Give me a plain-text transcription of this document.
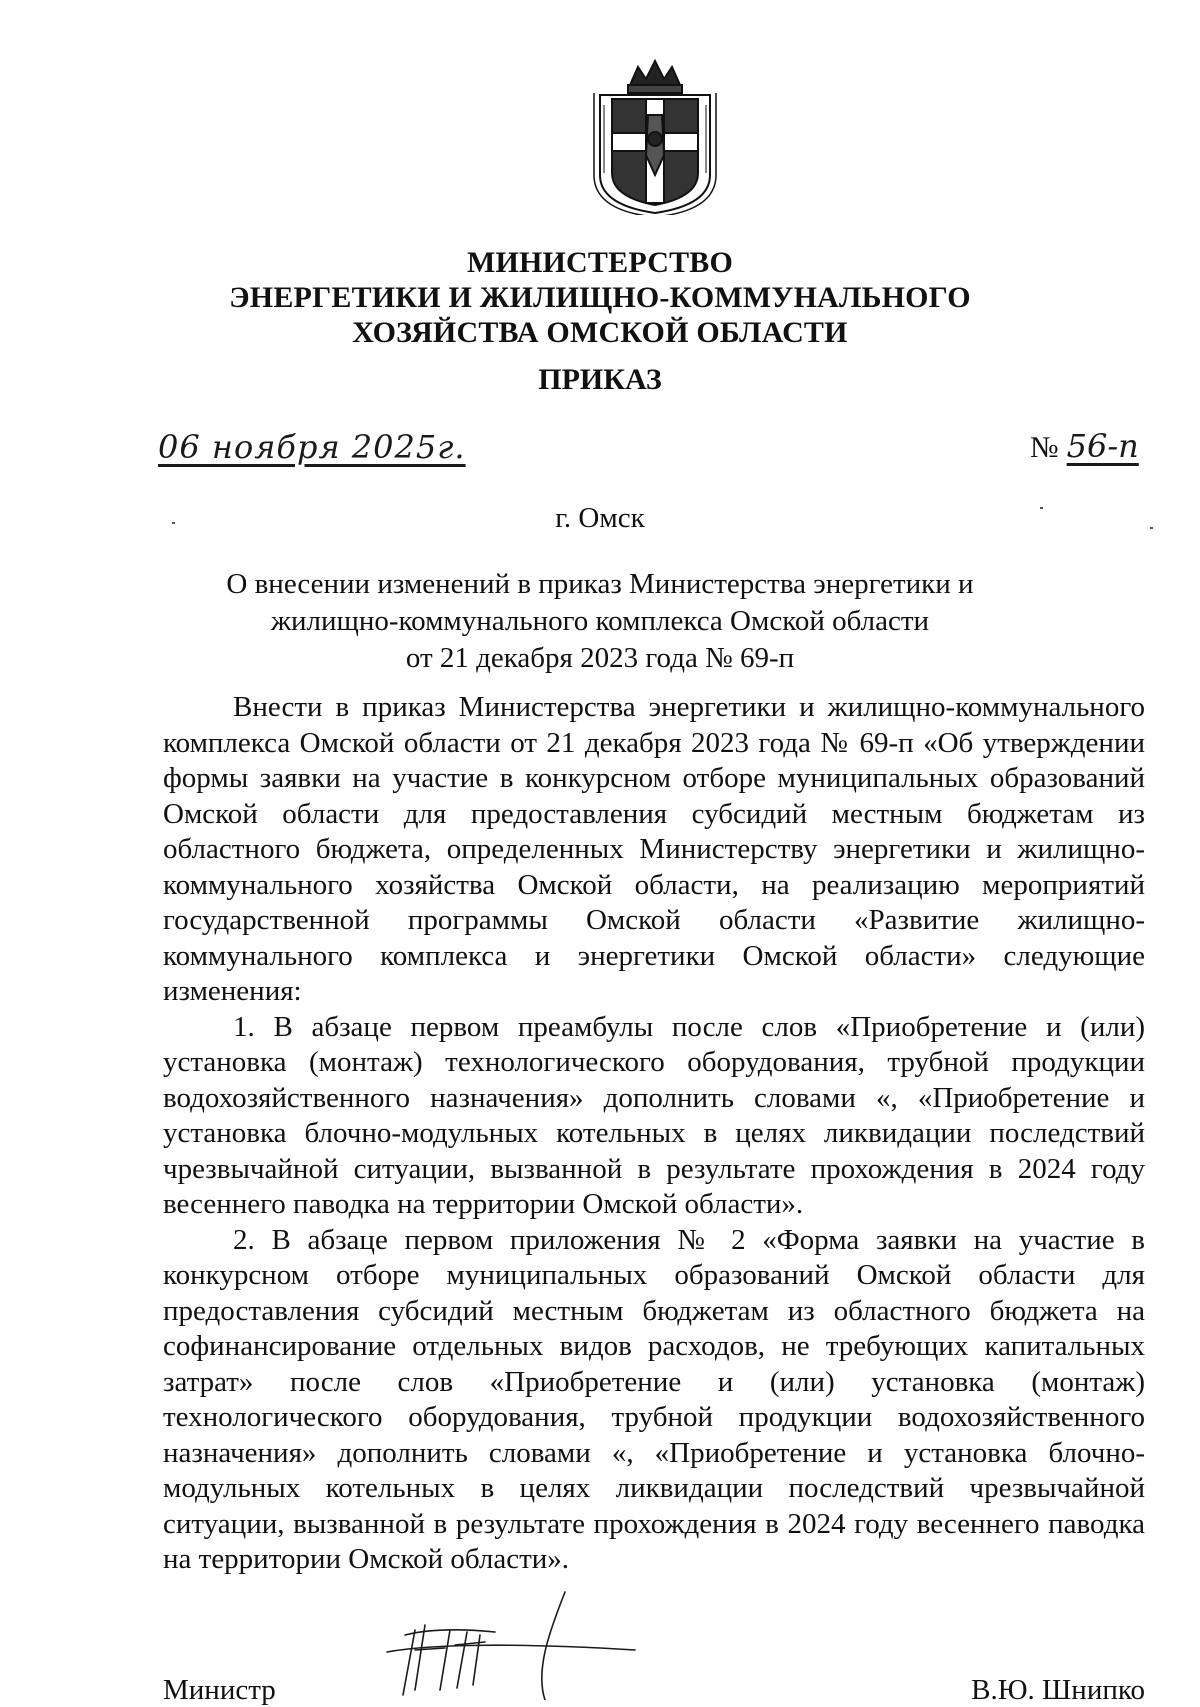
МИНИСТЕРСТВО
ЭНЕРГЕТИКИ И ЖИЛИЩНО-КОММУНАЛЬНОГО
ХОЗЯЙСТВА ОМСКОЙ ОБЛАСТИ
ПРИКАЗ
06 ноября 2025г.	№ 56-п
г. Омск
О внесении изменений в приказ Министерства энергетики и
жилищно-коммунального комплекса Омской области
от 21 декабря 2023 года № 69-п

Внести в приказ Министерства энергетики и жилищно-коммунального комплекса Омской области от 21 декабря 2023 года № 69-п «Об утверждении формы заявки на участие в конкурсном отборе муниципальных образований Омской области для предоставления субсидий местным бюджетам из областного бюджета, определенных Министерству энергетики и жилищно-коммунального хозяйства Омской области, на реализацию мероприятий государственной программы Омской области «Развитие жилищно-коммунального комплекса и энергетики Омской области» следующие изменения:

1. В абзаце первом преамбулы после слов «Приобретение и (или) установка (монтаж) технологического оборудования, трубной продукции водохозяйственного назначения» дополнить словами «, «Приобретение и установка блочно-модульных котельных в целях ликвидации последствий чрезвычайной ситуации, вызванной в результате прохождения в 2024 году весеннего паводка на территории Омской области».

2. В абзаце первом приложения № 2 «Форма заявки на участие в конкурсном отборе муниципальных образований Омской области для предоставления субсидий местным бюджетам из областного бюджета на софинансирование отдельных видов расходов, не требующих капитальных затрат» после слов «Приобретение и (или) установка (монтаж) технологического оборудования, трубной продукции водохозяйственного назначения» дополнить словами «, «Приобретение и установка блочно-модульных котельных в целях ликвидации последствий чрезвычайной ситуации, вызванной в результате прохождения в 2024 году весеннего паводка на территории Омской области».

Министр	В.Ю. Шнипко
